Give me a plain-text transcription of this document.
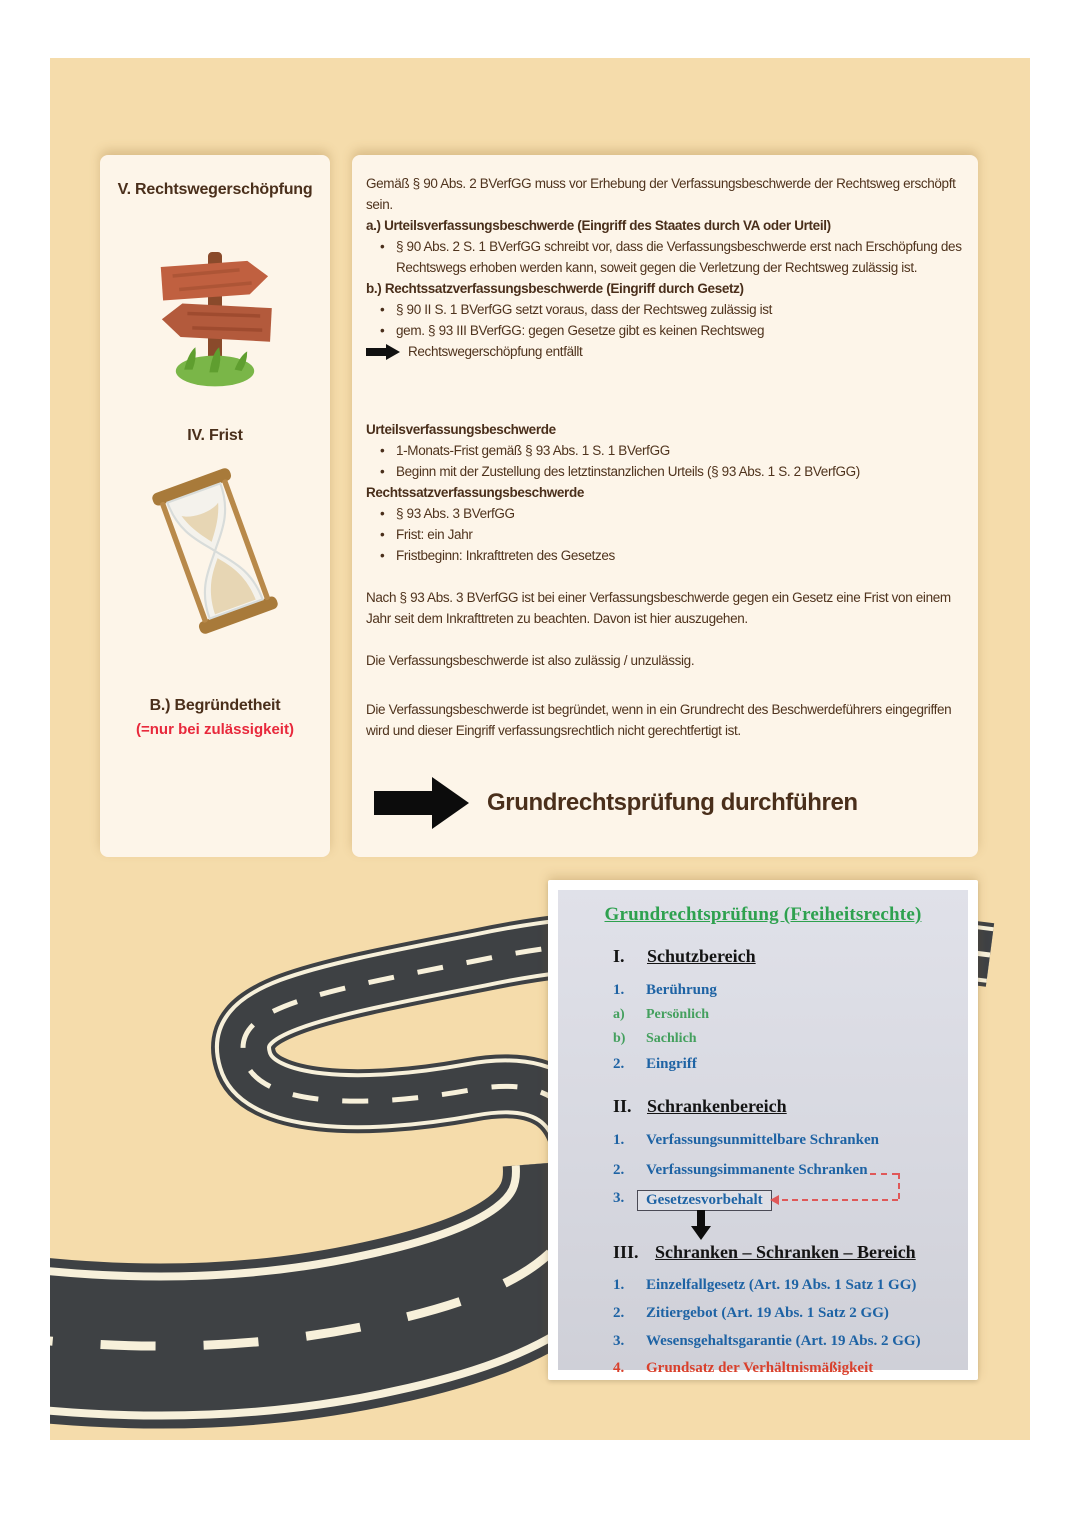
V. Rechtswegerschöpfung
IV. Frist
B.) Begründetheit
(=nur bei zulässigkeit)

Gemäß § 90 Abs. 2 BVerfGG muss vor Erhebung der Verfassungsbeschwerde der Rechtsweg erschöpft sein.

a.) Urteilsverfassungsbeschwerde (Eingriff des Staates durch VA oder Urteil)

• § 90 Abs. 2 S. 1 BVerfGG schreibt vor, dass die Verfassungsbeschwerde erst nach Erschöpfung des Rechtswegs erhoben werden kann, soweit gegen die Verletzung der Rechtsweg zulässig ist.

b.) Rechtssatzverfassungsbeschwerde (Eingriff durch Gesetz)

• § 90 II S. 1 BVerfGG setzt voraus, dass der Rechtsweg zulässig ist
• gem. § 93 III BVerfGG: gegen Gesetze gibt es keinen Rechtsweg
Rechtswegerschöpfung entfällt

Urteilsverfassungsbeschwerde

• 1-Monats-Frist gemäß § 93 Abs. 1 S. 1 BVerfGG
• Beginn mit der Zustellung des letztinstanzlichen Urteils (§ 93 Abs. 1 S. 2 BVerfGG)

Rechtssatzverfassungsbeschwerde

• § 93 Abs. 3 BVerfGG
• Frist: ein Jahr
• Fristbeginn: Inkrafttreten des Gesetzes

Nach § 93 Abs. 3 BVerfGG ist bei einer Verfassungsbeschwerde gegen ein Gesetz eine Frist von einem Jahr seit dem Inkrafttreten zu beachten. Davon ist hier auszugehen.

Die Verfassungsbeschwerde ist also zulässig / unzulässig.

Die Verfassungsbeschwerde ist begründet, wenn in ein Grundrecht des Beschwerdeführers eingegriffen wird und dieser Eingriff verfassungsrechtlich nicht gerechtfertigt ist.

Grundrechtsprüfung durchführen
Grundrechtsprüfung (Freiheitsrechte)
I. Schutzbereich
1.	Berührung
a)	Persönlich
b)	Sachlich
2.	Eingriff
II. Schrankenbereich
1.	Verfassungsunmittelbare Schranken
2.	Verfassungsimmanente Schranken
3.	Gesetzesvorbehalt
III. Schranken – Schranken – Bereich
1.	Einzelfallgesetz (Art. 19 Abs. 1 Satz 1 GG)
2.	Zitiergebot (Art. 19 Abs. 1 Satz 2 GG)
3.	Wesensgehaltsgarantie (Art. 19 Abs. 2 GG)
4.	Grundsatz der Verhältnismäßigkeit
